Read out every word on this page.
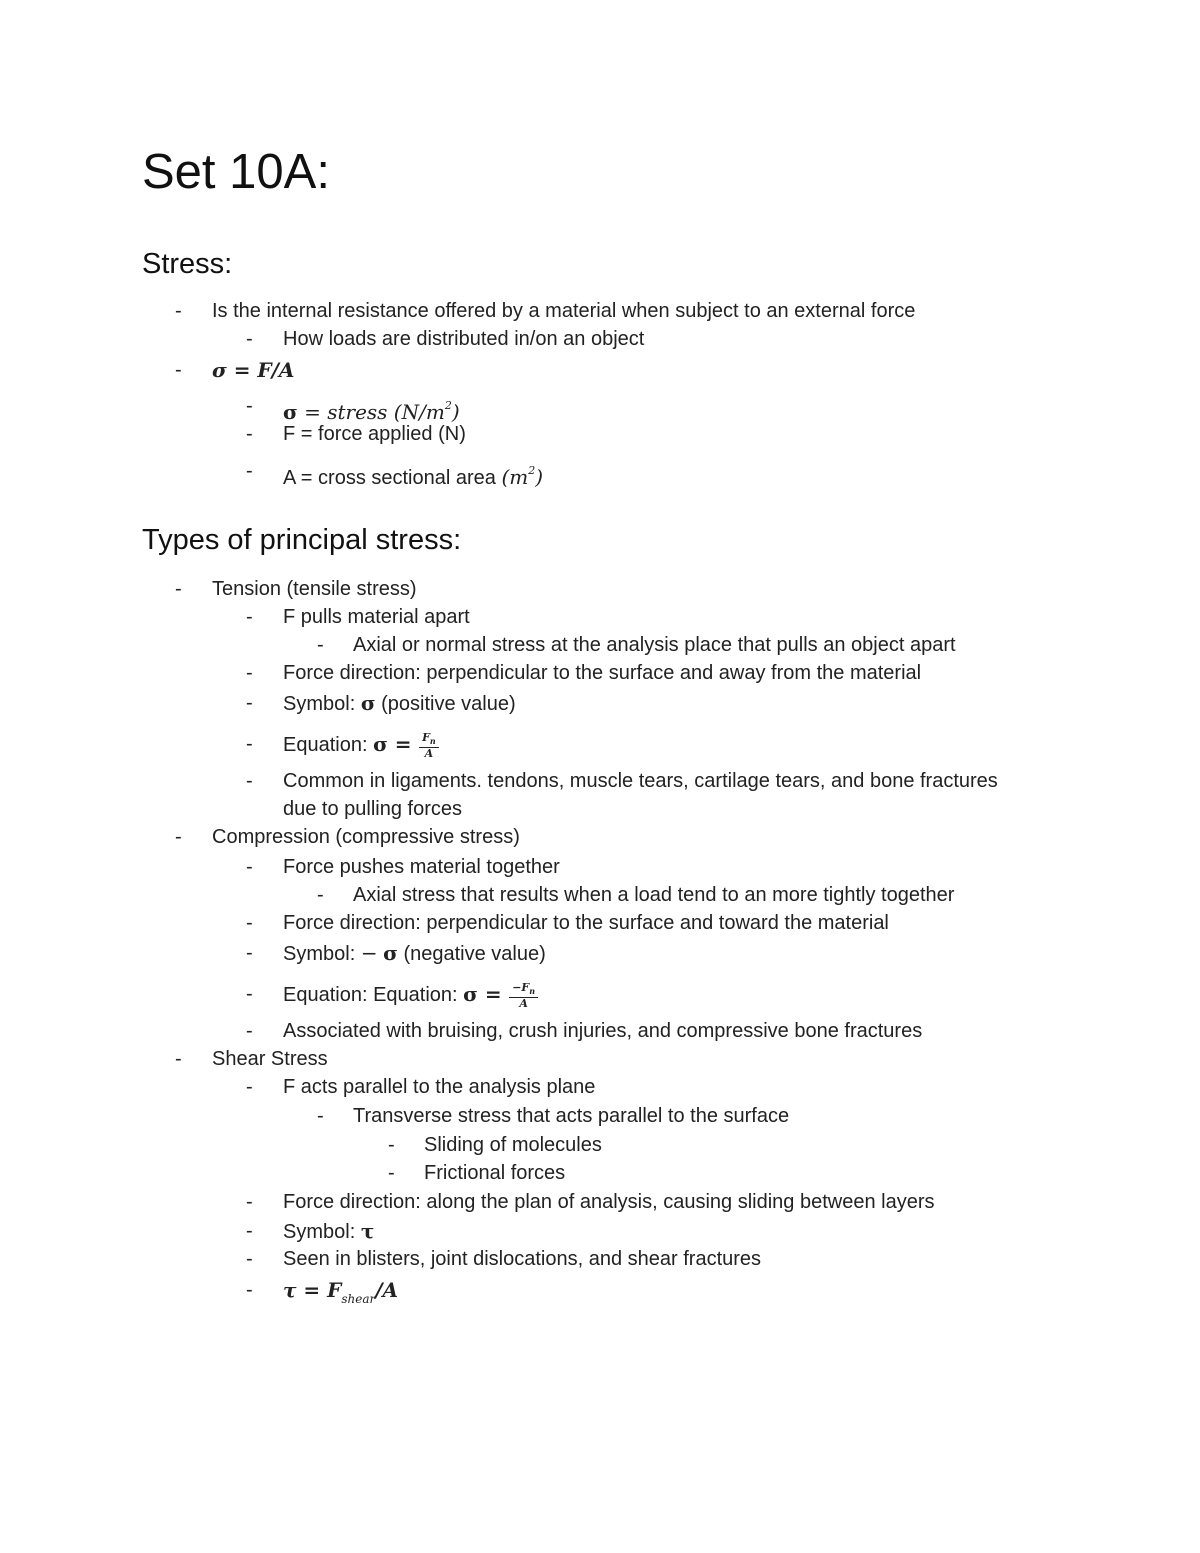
Set 10A:
Stress:
- Is the internal resistance offered by a material when subject to an external force
- How loads are distributed in/on an object
- σ = F/A
- σ = stress $(N/m^2)$
- F = force applied (N)
- A = cross sectional area $(m^2)$
Types of principal stress:
- Tension (tensile stress)
- F pulls material apart
- Axial or normal stress at the analysis place that pulls an object apart
- Force direction: perpendicular to the surface and away from the material
- Symbol: σ (positive value)
- Equation: $\sigma = \frac{F_n}{A}$
- Common in ligaments. tendons, muscle tears, cartilage tears, and bone fractures
due to pulling forces
- Compression (compressive stress)
- Force pushes material together
- Axial stress that results when a load tend to an more tightly together
- Force direction: perpendicular to the surface and toward the material
- Symbol: − σ (negative value)
- Equation: Equation: $\sigma = \frac{-F_n}{A}$
- Associated with bruising, crush injuries, and compressive bone fractures
- Shear Stress
- F acts parallel to the analysis plane
- Transverse stress that acts parallel to the surface
- Sliding of molecules
- Frictional forces
- Force direction: along the plan of analysis, causing sliding between layers
- Symbol: τ
- Seen in blisters, joint dislocations, and shear fractures
- $\tau = F_{shear}/A$
